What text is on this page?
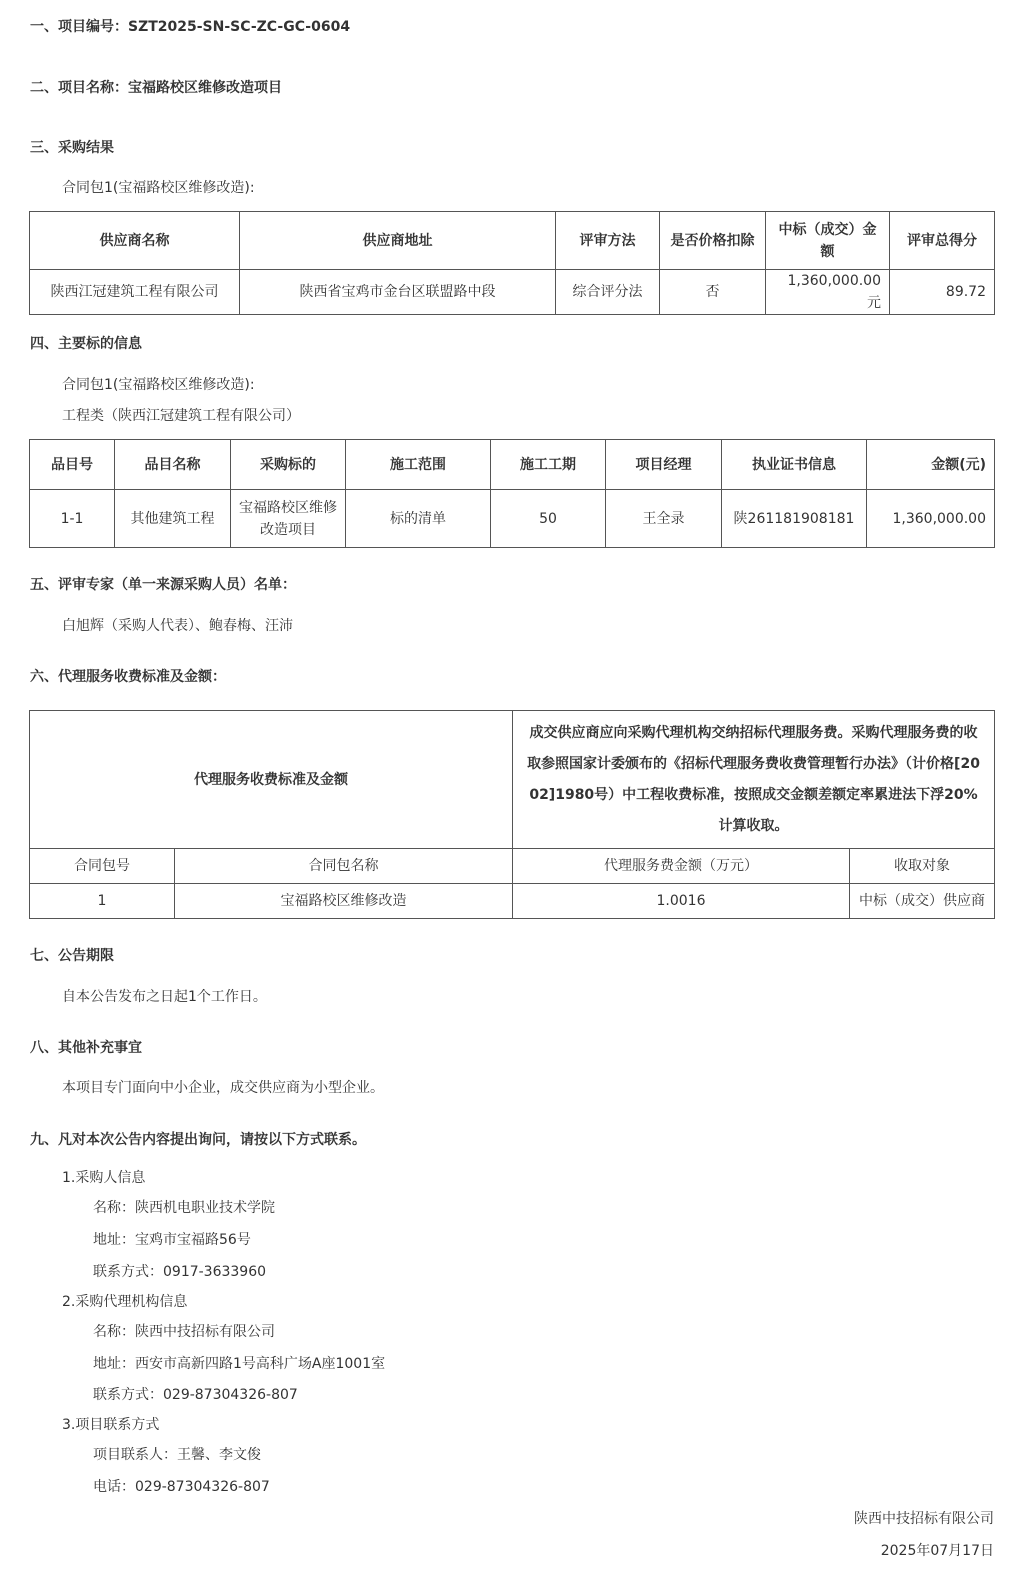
一、项目编号：SZT2025-SN-SC-ZC-GC-0604
二、项目名称：宝福路校区维修改造项目
三、采购结果
合同包1(宝福路校区维修改造):
供应商名称	供应商地址	评审方法	是否价格扣除	中标（成交）金额	评审总得分
陕西江冠建筑工程有限公司	陕西省宝鸡市金台区联盟路中段	综合评分法	否	1,360,000.00元	89.72
四、主要标的信息
合同包1(宝福路校区维修改造):
工程类（陕西江冠建筑工程有限公司）
品目号	品目名称	采购标的	施工范围	施工工期	项目经理	执业证书信息	金额(元)
1-1	其他建筑工程	宝福路校区维修改造项目	标的清单	50	王全录	陕261181908181	1,360,000.00
五、评审专家（单一来源采购人员）名单：
白旭辉（采购人代表）、鲍春梅、汪沛
六、代理服务收费标准及金额：
代理服务收费标准及金额		成交供应商应向采购代理机构交纳招标代理服务费。采购代理服务费的收取参照国家计委颁布的《招标代理服务费收费管理暂行办法》（计价格[2002]1980号）中工程收费标准，按照成交金额差额定率累进法下浮20%计算收取。	
合同包号	合同包名称	代理服务费金额（万元）	收取对象
1	宝福路校区维修改造	1.0016	中标（成交）供应商
七、公告期限
自本公告发布之日起1个工作日。
八、其他补充事宜
本项目专门面向中小企业，成交供应商为小型企业。
九、凡对本次公告内容提出询问，请按以下方式联系。
1.采购人信息
名称：陕西机电职业技术学院
地址：宝鸡市宝福路56号
联系方式：0917-3633960
2.采购代理机构信息
名称：陕西中技招标有限公司
地址：西安市高新四路1号高科广场A座1001室
联系方式：029-87304326-807
3.项目联系方式
项目联系人：王馨、李文俊
电话：029-87304326-807
陕西中技招标有限公司
2025年07月17日
